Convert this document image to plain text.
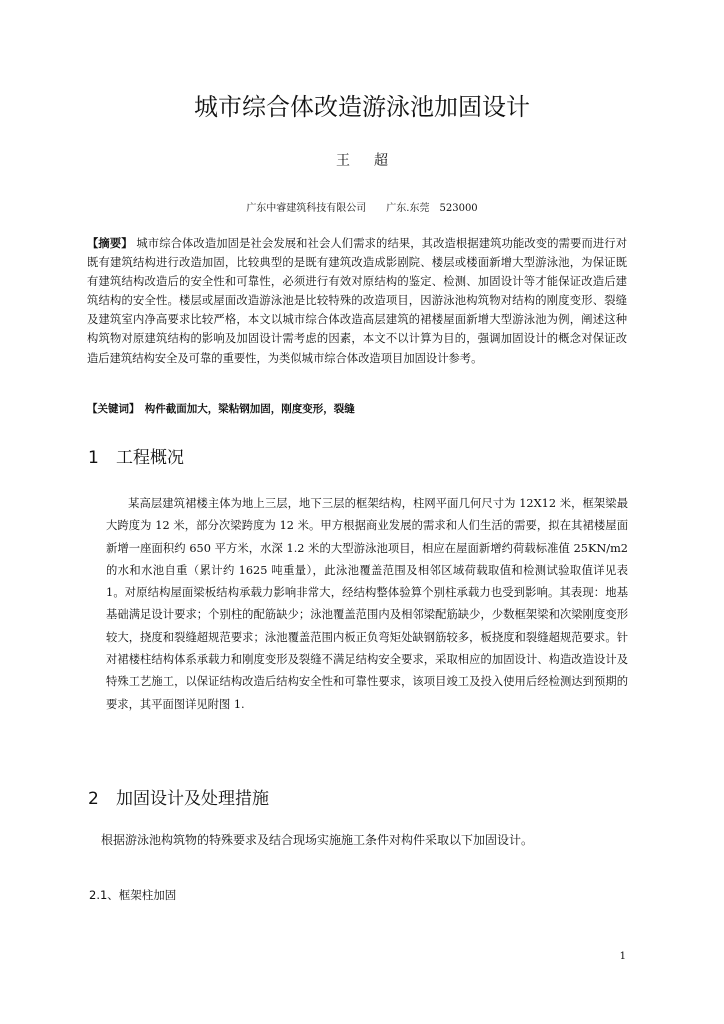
城市综合体改造游泳池加固设计
王超
广东中睿建筑科技有限公司　　广东.东莞　523000
【摘要】 城市综合体改造加固是社会发展和社会人们需求的结果，其改造根据建筑功能改变的需要而进行对既有建筑结构进行改造加固，比较典型的是既有建筑改造成影剧院、楼层或楼面新增大型游泳池，为保证既有建筑结构改造后的安全性和可靠性，必须进行有效对原结构的鉴定、检测、加固设计等才能保证改造后建筑结构的安全性。楼层或屋面改造游泳池是比较特殊的改造项目，因游泳池构筑物对结构的刚度变形、裂缝及建筑室内净高要求比较严格，本文以城市综合体改造高层建筑的裙楼屋面新增大型游泳池为例，阐述这种构筑物对原建筑结构的影响及加固设计需考虑的因素，本文不以计算为目的，强调加固设计的概念对保证改造后建筑结构安全及可靠的重要性，为类似城市综合体改造项目加固设计参考。
【关键词】　 构件截面加大，梁粘钢加固，刚度变形，裂缝
1 工程概况
某高层建筑裙楼主体为地上三层，地下三层的框架结构，柱网平面几何尺寸为 12X12 米，框架梁最大跨度为 12 米，部分次梁跨度为 12 米。甲方根据商业发展的需求和人们生活的需要，拟在其裙楼屋面新增一座面积约 650 平方米，水深 1.2 米的大型游泳池项目，相应在屋面新增约荷载标准值 25KN/m2 的水和水池自重（累计约 1625 吨重量），此泳池覆盖范围及相邻区域荷载取值和检测试验取值详见表 1。对原结构屋面梁板结构承载力影响非常大，经结构整体验算个别柱承载力也受到影响。其表现：地基基础满足设计要求；个别柱的配筋缺少；泳池覆盖范围内及相邻梁配筋缺少，少数框架梁和次梁刚度变形较大，挠度和裂缝超规范要求；泳池覆盖范围内板正负弯矩处缺钢筋较多，板挠度和裂缝超规范要求。针对裙楼柱结构体系承载力和刚度变形及裂缝不满足结构安全要求，采取相应的加固设计、构造改造设计及特殊工艺施工，以保证结构改造后结构安全性和可靠性要求，该项目竣工及投入使用后经检测达到预期的要求，其平面图详见附图 1.
2 加固设计及处理措施
根据游泳池构筑物的特殊要求及结合现场实施施工条件对构件采取以下加固设计。
2.1、框架柱加固
1
